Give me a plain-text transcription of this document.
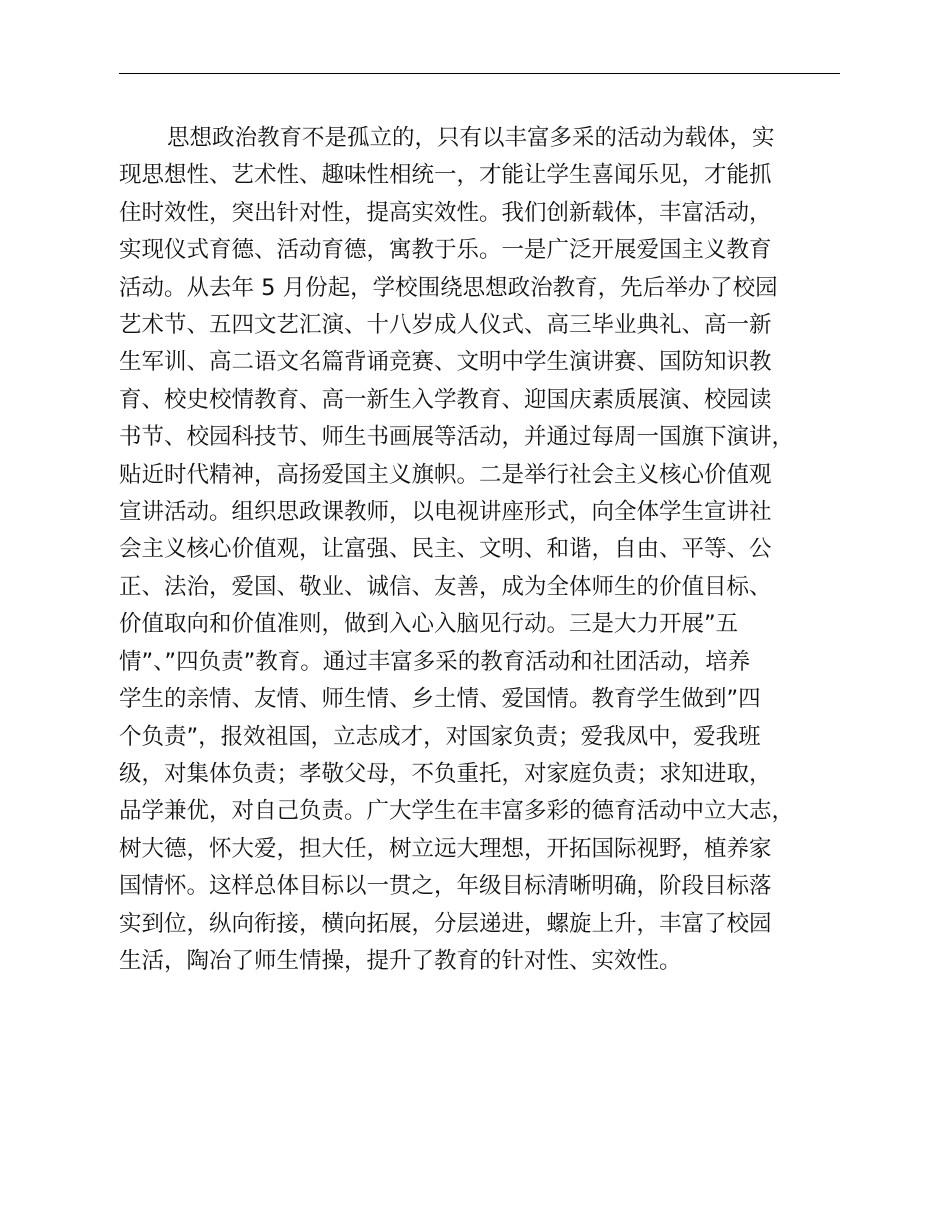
思想政治教育不是孤立的，只有以丰富多采的活动为载体，实
现思想性、艺术性、趣味性相统一，才能让学生喜闻乐见，才能抓
住时效性，突出针对性，提高实效性。我们创新载体，丰富活动，
实现仪式育德、活动育德，寓教于乐。一是广泛开展爱国主义教育
活动。从去年 5 月份起，学校围绕思想政治教育，先后举办了校园
艺术节、五四文艺汇演、十八岁成人仪式、高三毕业典礼、高一新
生军训、高二语文名篇背诵竞赛、文明中学生演讲赛、国防知识教
育、校史校情教育、高一新生入学教育、迎国庆素质展演、校园读
书节、校园科技节、师生书画展等活动，并通过每周一国旗下演讲，
贴近时代精神，高扬爱国主义旗帜。二是举行社会主义核心价值观
宣讲活动。组织思政课教师，以电视讲座形式，向全体学生宣讲社
会主义核心价值观，让富强、民主、文明、和谐，自由、平等、公
正、法治，爱国、敬业、诚信、友善，成为全体师生的价值目标、
价值取向和价值准则，做到入心入脑见行动。三是大力开展”五
情”、”四负责”教育。通过丰富多采的教育活动和社团活动，培养
学生的亲情、友情、师生情、乡土情、爱国情。教育学生做到”四
个负责”，报效祖国，立志成才，对国家负责；爱我凤中，爱我班
级，对集体负责；孝敬父母，不负重托，对家庭负责；求知进取，
品学兼优，对自己负责。广大学生在丰富多彩的德育活动中立大志，
树大德，怀大爱，担大任，树立远大理想，开拓国际视野，植养家
国情怀。这样总体目标以一贯之，年级目标清晰明确，阶段目标落
实到位，纵向衔接，横向拓展，分层递进，螺旋上升，丰富了校园
生活，陶冶了师生情操，提升了教育的针对性、实效性。
